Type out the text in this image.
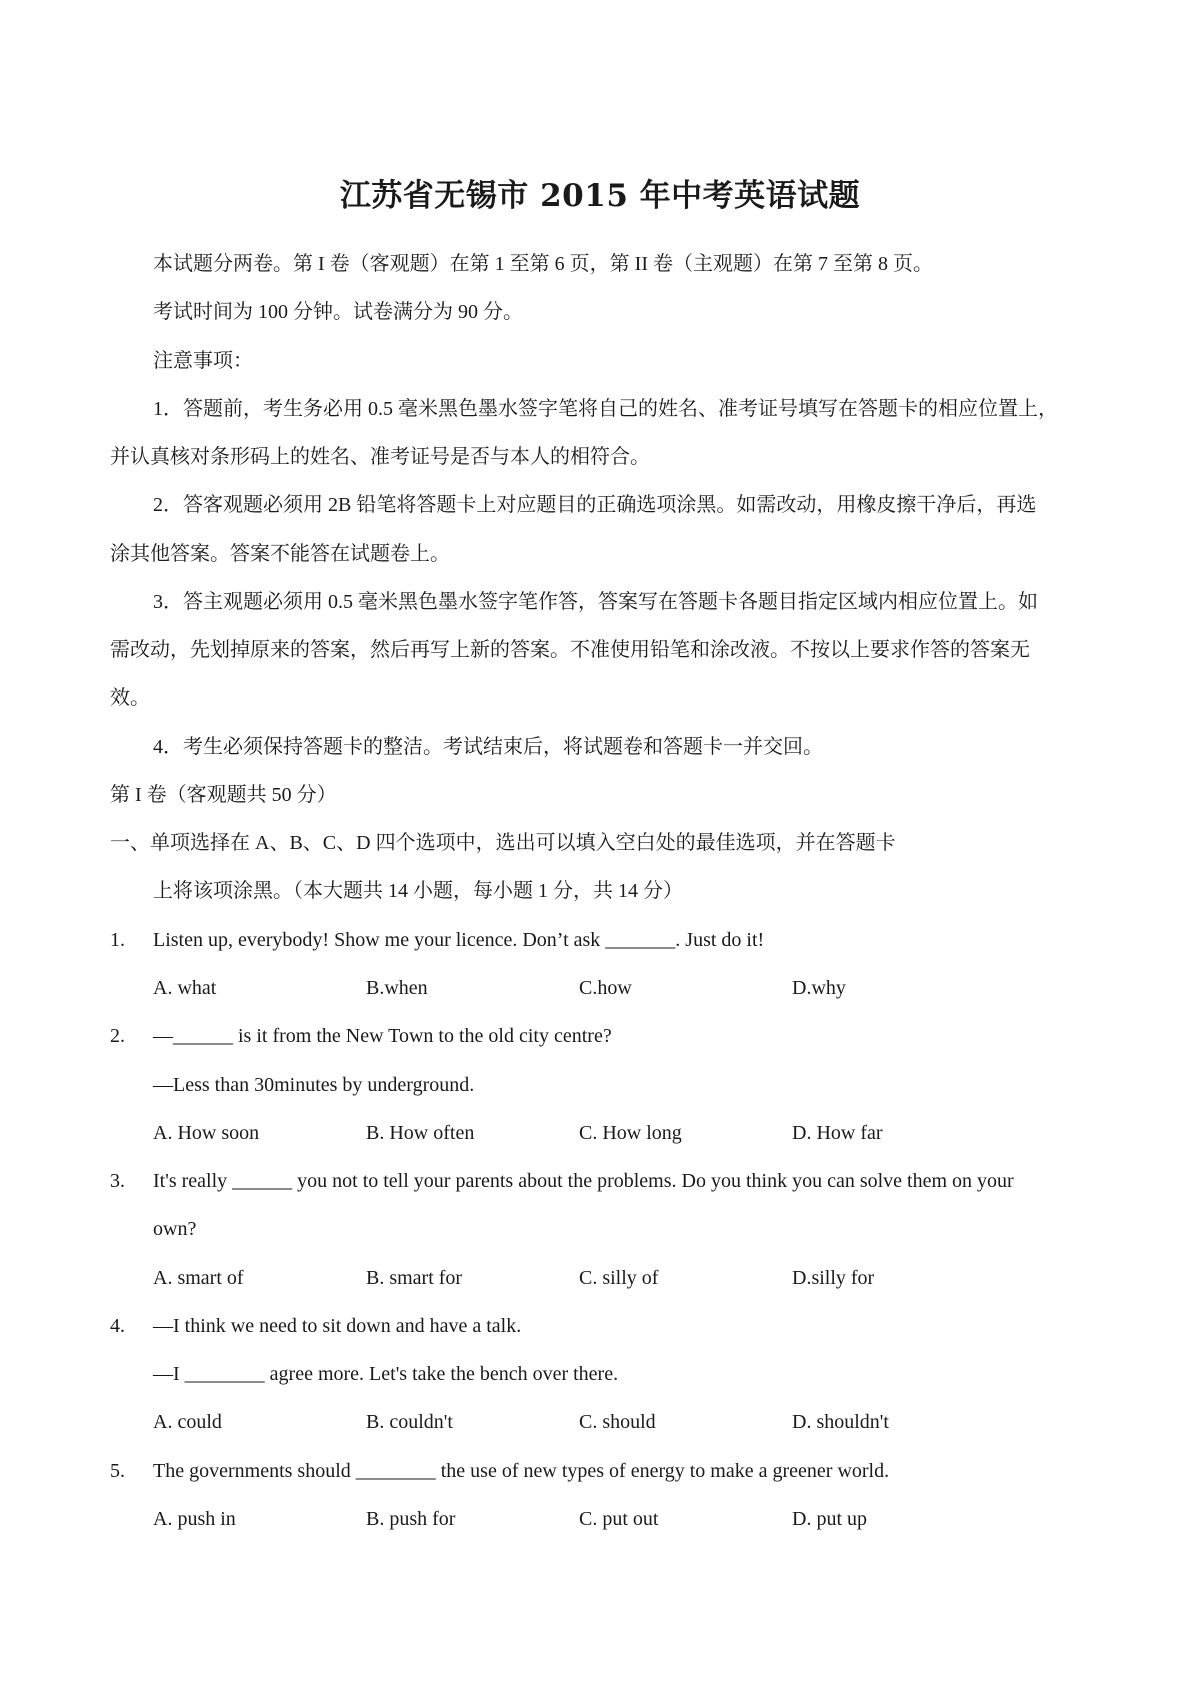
江苏省无锡市 2015 年中考英语试题
本试题分两卷。第 I 卷（客观题）在第 1 至第 6 页，第 II 卷（主观题）在第 7 至第 8 页。
考试时间为 100 分钟。试卷满分为 90 分。
注意事项：
1．答题前，考生务必用 0.5 毫米黑色墨水签字笔将自己的姓名、准考证号填写在答题卡的相应位置上，
并认真核对条形码上的姓名、准考证号是否与本人的相符合。
2．答客观题必须用 2B 铅笔将答题卡上对应题目的正确选项涂黑。如需改动，用橡皮擦干净后，再选
涂其他答案。答案不能答在试题卷上。
3．答主观题必须用 0.5 毫米黑色墨水签字笔作答，答案写在答题卡各题目指定区域内相应位置上。如
需改动，先划掉原来的答案，然后再写上新的答案。不准使用铅笔和涂改液。不按以上要求作答的答案无
效。
4．考生必须保持答题卡的整洁。考试结束后，将试题卷和答题卡一并交回。
第 I 卷（客观题共 50 分）
一、单项选择在 A、B、C、D 四个选项中，选出可以填入空白处的最佳选项，并在答题卡
上将该项涂黑。（本大题共 14 小题，每小题 1 分，共 14 分）
1. Listen up, everybody! Show me your licence. Don’t ask _______. Just do it!
A. what	B.when	C.how	D.why
2. —______ is it from the New Town to the old city centre?
—Less than 30minutes by underground.
A. How soon	B. How often	C. How long	D. How far
3. It's really ______ you not to tell your parents about the problems. Do you think you can solve them on your
own?
A. smart of	B. smart for	C. silly of	D.silly for
4. —I think we need to sit down and have a talk.
—I ________ agree more. Let's take the bench over there.
A. could	B. couldn't	C. should	D. shouldn't
5. The governments should ________ the use of new types of energy to make a greener world.
A. push in	B. push for	C. put out	D. put up
